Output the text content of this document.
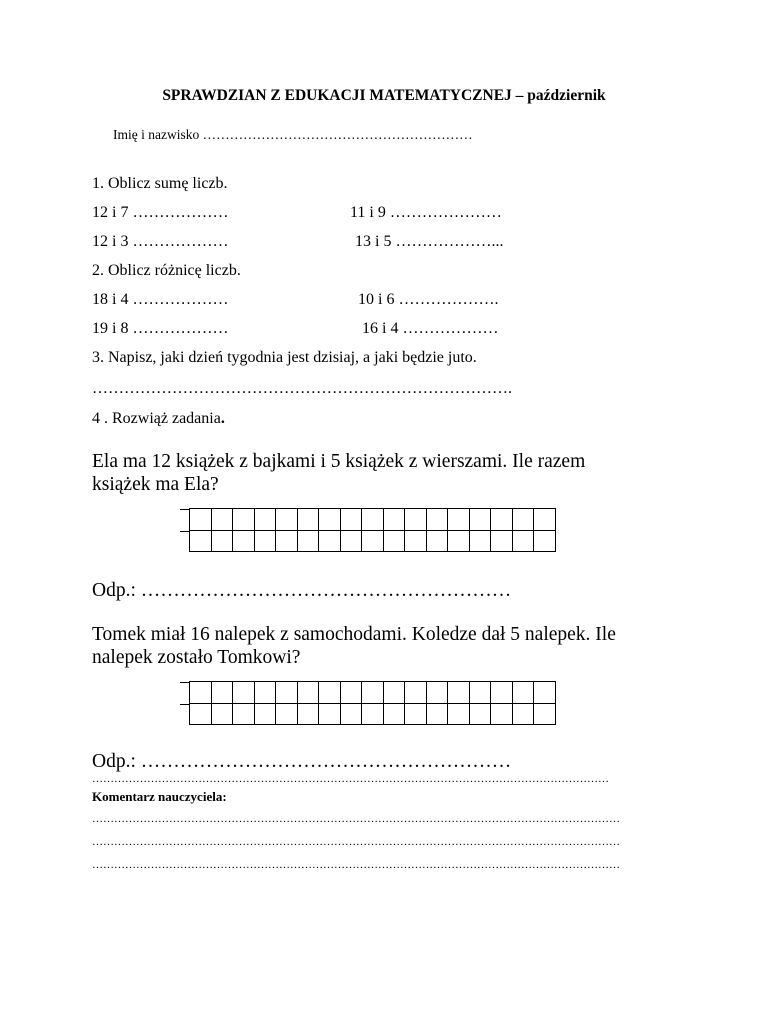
SPRAWDZIAN Z EDUKACJI MATEMATYCZNEJ – październik
Imię i nazwisko ……………………………………………………
1. Oblicz sumę liczb.
12 i 7 ………………	11 i 9 …………………
12 i 3 ………………	13 i 5 ………………...
2. Oblicz różnicę liczb.
18 i 4 ………………	10 i 6 ……………….
19 i 8 ………………	16 i 4 ………………
3. Napisz, jaki dzień tygodnia jest dzisiaj, a jaki będzie juto.
…………………………………………………………………….
4 . Rozwiąż zadania.
Ela ma 12 książek z bajkami i 5 książek z wierszami. Ile razem
książek ma Ela?

Odp.: …………………………………………………
Tomek miał 16 nalepek z samochodami. Koledze dał 5 nalepek. Ile
nalepek zostało Tomkowi?

Odp.: …………………………………………………
……………………………………………………………………………………………………………………………
Komentarz nauczyciela:
………………………………………………………………………………………………………………………………
………………………………………………………………………………………………………………………………
………………………………………………………………………………………………………………………………
